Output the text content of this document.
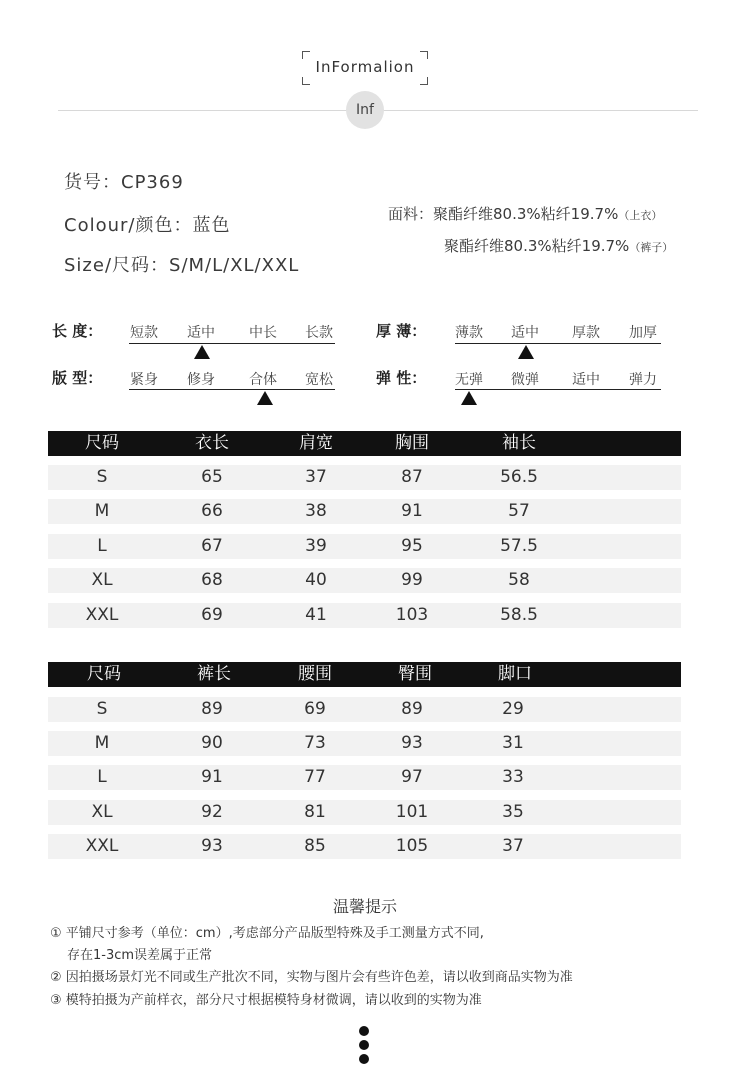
InFormalion
Inf
货号：CP369
Colour/颜色：蓝色
Size/尺码：S/M/L/XL/XXL
面料：聚酯纤维80.3%粘纤19.7%（上衣）
聚酯纤维80.3%粘纤19.7%（裤子）
长 度： 短款 适中 中长 长款	厚 薄： 薄款 适中 厚款 加厚
版 型： 紧身 修身 合体 宽松	弹 性： 无弹 微弹 适中 弹力
尺码	衣长	肩宽	胸围	袖长
S	65	37	87	56.5
M	66	38	91	57
L	67	39	95	57.5
XL	68	40	99	58
XXL	69	41	103	58.5
尺码	裤长	腰围	臀围	脚口
S	89	69	89	29
M	90	73	93	31
L	91	77	97	33
XL	92	81	101	35
XXL	93	85	105	37
温馨提示
① 平铺尺寸参考（单位：cm）,考虑部分产品版型特殊及手工测量方式不同,
存在1-3cm误差属于正常
② 因拍摄场景灯光不同或生产批次不同，实物与图片会有些许色差，请以收到商品实物为准
③ 模特拍摄为产前样衣，部分尺寸根据模特身材微调，请以收到的实物为准
